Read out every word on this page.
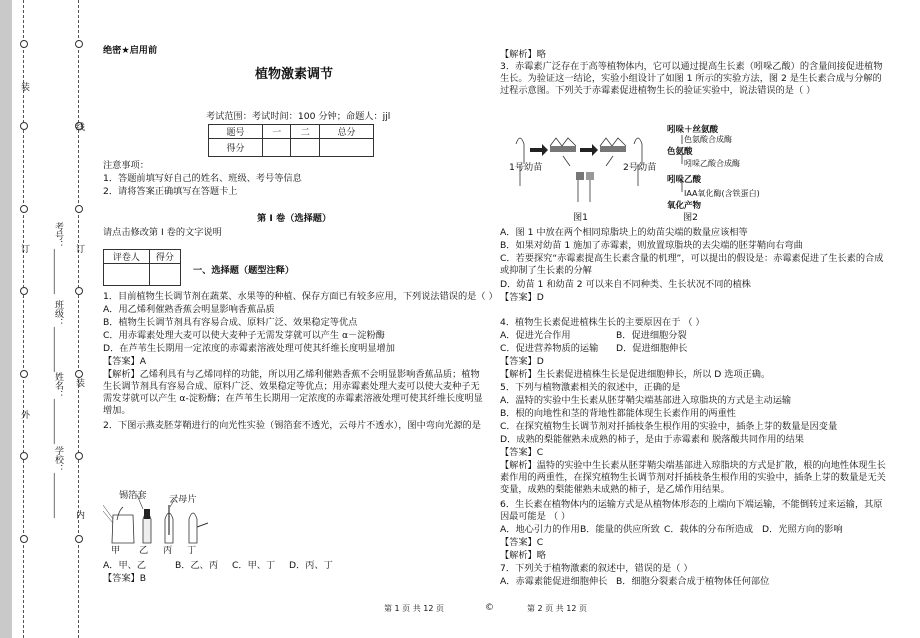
装
订
外
线
订
装
内
考号：__________
班级：__________
姓名：__________
学校：__________
绝密★启用前
植物激素调节
考试范围：考试时间：100 分钟；命题人：jjl
题号	一	二	总分
得分			
注意事项：
1．答题前填写好自己的姓名、班级、考号等信息
2．请将答案正确填写在答题卡上
第 I 卷（选择题）
请点击修改第 I 卷的文字说明
评卷人	得分

一、选择题（题型注释）
1．目前植物生长调节剂在蔬菜、水果等的种植、保存方面已有较多应用，下列说法错误的是（ ）
A．用乙烯利催熟香蕉会明显影响香蕉品质
B．植物生长调节剂具有容易合成、原料广泛、效果稳定等优点
C．用赤霉素处理大麦可以使大麦种子无需发芽就可以产生 α－淀粉酶
D．在芦苇生长期用一定浓度的赤霉素溶液处理可使其纤维长度明显增加
【答案】A
【解析】乙烯利具有与乙烯同样的功能，所以用乙烯利催熟香蕉不会明显影响香蕉品质；植物生长调节剂具有容易合成、原料广泛、效果稳定等优点；用赤霉素处理大麦可以使大麦种子无需发芽就可以产生 α-淀粉酶；在芦苇生长期用一定浓度的赤霉素溶液处理可使其纤维长度明显增加。
2．下图示燕麦胚芽鞘进行的向光性实验（锡箔套不透光，云母片不透水），图中弯向光源的是
锡箔套 云母片
甲 乙 丙 丁
A．甲、乙	B．乙、丙 C．甲、丁 D．丙、丁
【答案】B
第 1 页 共 12 页	©
【解析】略
3．赤霉素广泛存在于高等植物体内，它可以通过提高生长素（吲哚乙酸）的含量间接促进植物生长。为验证这一结论，实验小组设计了如图 1 所示的实验方法，图 2 是生长素合成与分解的过程示意图。下列关于赤霉素促进植物生长的验证实验中，说法错误的是（ ）
1号幼苗	2号幼苗
图1
吲哚＋丝氨酸
色氨酸合成酶
色氨酸
吲哚乙酸合成酶
吲哚乙酸
IAA氧化酶(含铁蛋白)
氧化产物
图2
A．图 1 中放在两个相同琼脂块上的幼苗尖端的数量应该相等
B．如果对幼苗 1 施加了赤霉素，则放置琼脂块的去尖端的胚芽鞘向右弯曲
C．若要探究“赤霉素提高生长素含量的机理”，可以提出的假设是：赤霉素促进了生长素的合成或抑制了生长素的分解
D．幼苗 1 和幼苗 2 可以来自不同种类、生长状况不同的植株
【答案】D
4．植物生长素促进植株生长的主要原因在于 （ ）
A．促进光合作用	B．促进细胞分裂
C．促进营养物质的运输 D．促进细胞伸长
【答案】D
【解析】生长素促进植株生长是促进细胞伸长，所以 D 选项正确。
5．下列与植物激素相关的叙述中，正确的是
A．温特的实验中生长素从胚芽鞘尖端基部进入琼脂块的方式是主动运输
B．根的向地性和茎的背地性都能体现生长素作用的两重性
C．在探究植物生长调节剂对扦插枝条生根作用的实验中，插条上芽的数量是因变量
D．成熟的梨能催熟未成熟的柿子，是由于赤霉素和 脱落酸共同作用的结果
【答案】C
【解析】温特的实验中生长素从胚芽鞘尖端基部进入琼脂块的方式是扩散，根的向地性体现生长素作用的两重性，在探究植物生长调节剂对扦插枝条生根作用的实验中，插条上芽的数量是无关变量，成熟的梨能催熟未成熟的柿子，是乙烯作用结果。
6．生长素在植物体内的运输方式是从植物体形态的上端向下端运输，不能倒转过来运输，其原因最可能是 （ ）
A．地心引力的作用 B．能量的供应所致 C．载体的分布所造成 D．光照方向的影响
【答案】C
【解析】略
7．下列关于植物激素的叙述中，错误的是（ ）
A．赤霉素能促进细胞伸长 B．细胞分裂素合成于植物体任何部位
第 2 页 共 12 页
